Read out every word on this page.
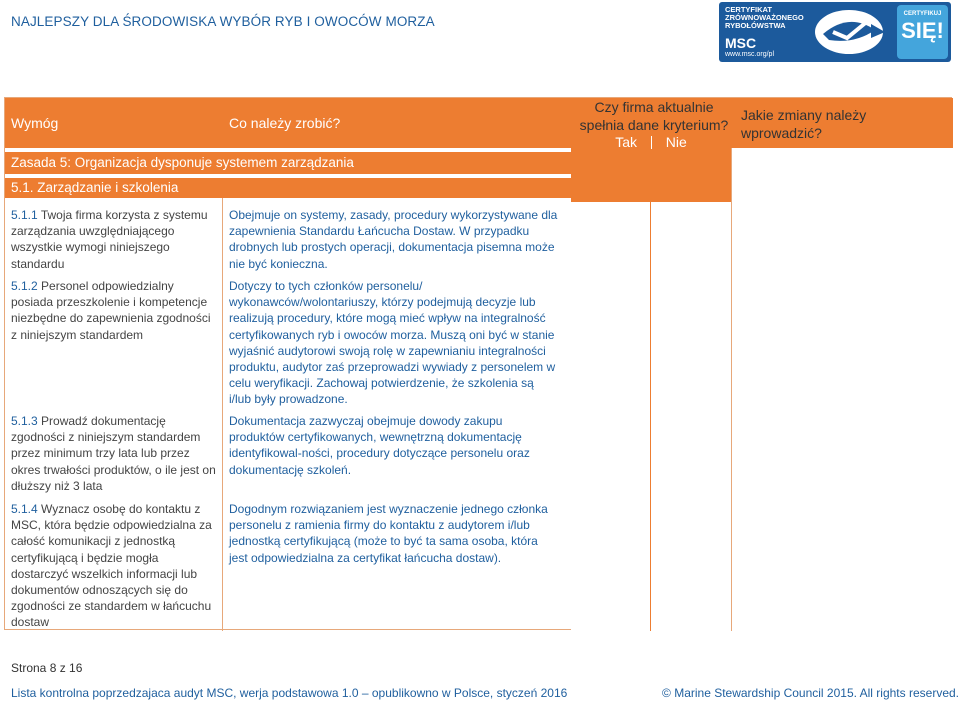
NAJLEPSZY DLA ŚRODOWISKA WYBÓR RYB I OWOCÓW MORZA
CERTYFIKAT
ZRÓWNOWAŻONEGO
RYBOŁÓWSTWA
MSC
www.msc.org/pl
CERTYFIKUJ
SIĘ!
Wymóg	Co należy zrobić?
Czy firma aktualnie spełnia dane kryterium?
Tak Nie
Jakie zmiany należy wprowadzić?
Zasada 5: Organizacja dysponuje systemem zarządzania
5.1. Zarządzanie i szkolenia
5.1.1 Twoja firma korzysta z systemu zarządzania uwzględniającego wszystkie wymogi niniejszego standardu
Obejmuje on systemy, zasady, procedury wykorzystywane dla zapewnienia Standardu Łańcucha Dostaw. W przypadku drobnych lub prostych operacji, dokumentacja pisemna może nie być konieczna.
5.1.2 Personel odpowiedzialny posiada przeszkolenie i kompetencje niezbędne do zapewnienia zgodności z niniejszym standardem
Dotyczy to tych członków personelu/ wykonawców/wolontariuszy, którzy podejmują decyzje lub realizują procedury, które mogą mieć wpływ na integralność certyfikowanych ryb i owoców morza. Muszą oni być w stanie wyjaśnić audytorowi swoją rolę w zapewnianiu integralności produktu, audytor zaś przeprowadzi wywiady z personelem w celu weryfikacji. Zachowaj potwierdzenie, że szkolenia są i/lub były prowadzone.
5.1.3 Prowadź dokumentację zgodności z niniejszym standardem przez minimum trzy lata lub przez okres trwałości produktów, o ile jest on dłuższy niż 3 lata
Dokumentacja zazwyczaj obejmuje dowody zakupu produktów certyfikowanych, wewnętrzną dokumentację identyfikowal-ności, procedury dotyczące personelu oraz dokumentację szkoleń.
5.1.4 Wyznacz osobę do kontaktu z MSC, która będzie odpowiedzialna za całość komunikacji z jednostką certyfikującą i będzie mogła dostarczyć wszelkich informacji lub dokumentów odnoszących się do zgodności ze standardem w łańcuchu dostaw
Dogodnym rozwiązaniem jest wyznaczenie jednego członka personelu z ramienia firmy do kontaktu z audytorem i/lub jednostką certyfikującą (może to być ta sama osoba, która jest odpowiedzialna za certyfikat łańcucha dostaw).
Strona 8 z 16
Lista kontrolna poprzedzajaca audyt MSC, werja podstawowa 1.0 – opublikowno w Polsce, styczeń 2016	© Marine Stewardship Council 2015. All rights reserved.
